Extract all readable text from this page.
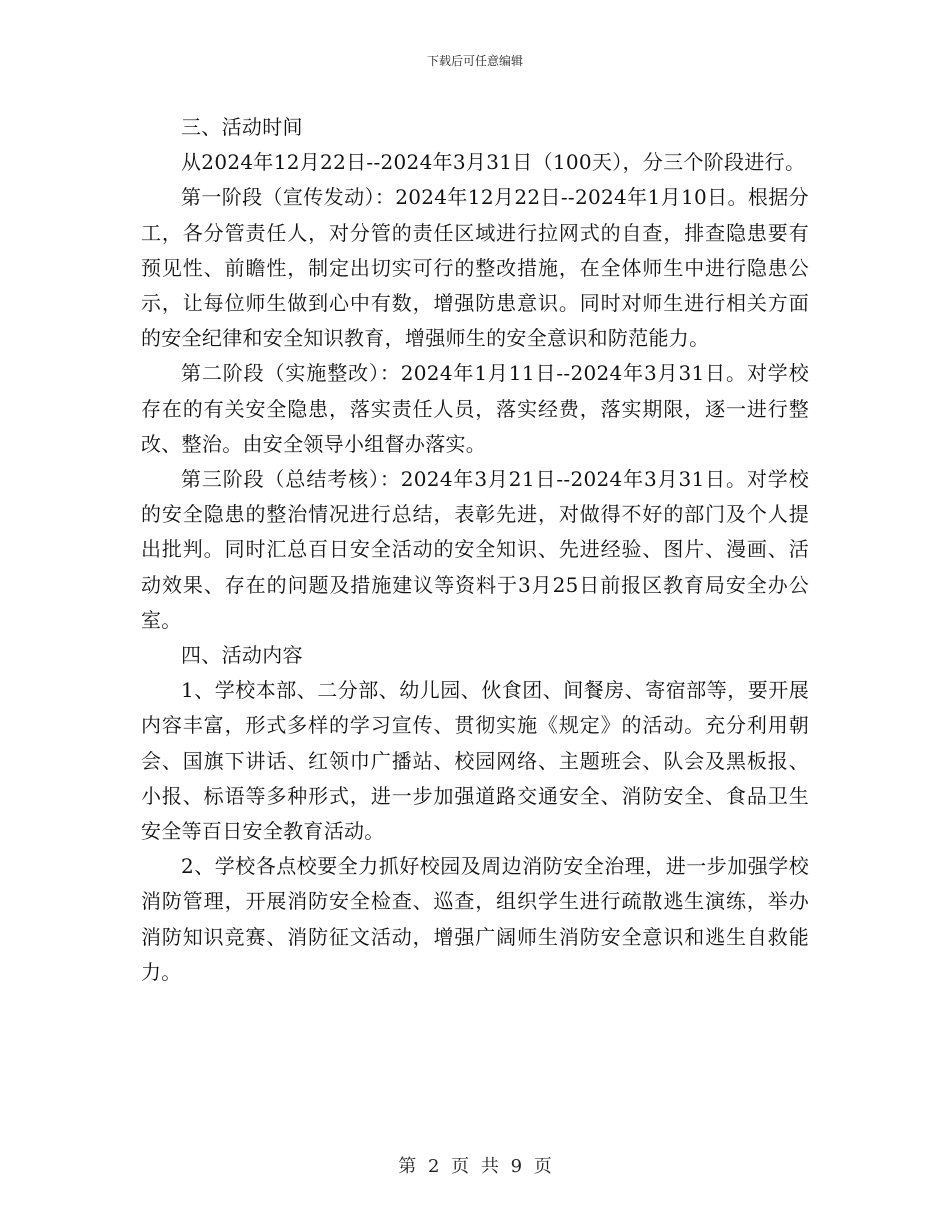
下载后可任意编辑

三、活动时间

从2024年12月22日--2024年3月31日（100天），分三个阶段进行。

第一阶段（宣传发动）：2024年12月22日--2024年1月10日。根据分工，各分管责任人，对分管的责任区域进行拉网式的自查，排查隐患要有预见性、前瞻性，制定出切实可行的整改措施，在全体师生中进行隐患公示，让每位师生做到心中有数，增强防患意识。同时对师生进行相关方面的安全纪律和安全知识教育，增强师生的安全意识和防范能力。

第二阶段（实施整改）：2024年1月11日--2024年3月31日。对学校存在的有关安全隐患，落实责任人员，落实经费，落实期限，逐一进行整改、整治。由安全领导小组督办落实。

第三阶段（总结考核）：2024年3月21日--2024年3月31日。对学校的安全隐患的整治情况进行总结，表彰先进，对做得不好的部门及个人提出批判。同时汇总百日安全活动的安全知识、先进经验、图片、漫画、活动效果、存在的问题及措施建议等资料于3月25日前报区教育局安全办公室。

四、活动内容

1、学校本部、二分部、幼儿园、伙食团、间餐房、寄宿部等，要开展内容丰富，形式多样的学习宣传、贯彻实施《规定》的活动。充分利用朝会、国旗下讲话、红领巾广播站、校园网络、主题班会、队会及黑板报、小报、标语等多种形式，进一步加强道路交通安全、消防安全、食品卫生安全等百日安全教育活动。

2、学校各点校要全力抓好校园及周边消防安全治理，进一步加强学校消防管理，开展消防安全检查、巡查，组织学生进行疏散逃生演练，举办消防知识竞赛、消防征文活动，增强广阔师生消防安全意识和逃生自救能力。

第 2 页 共 9 页
